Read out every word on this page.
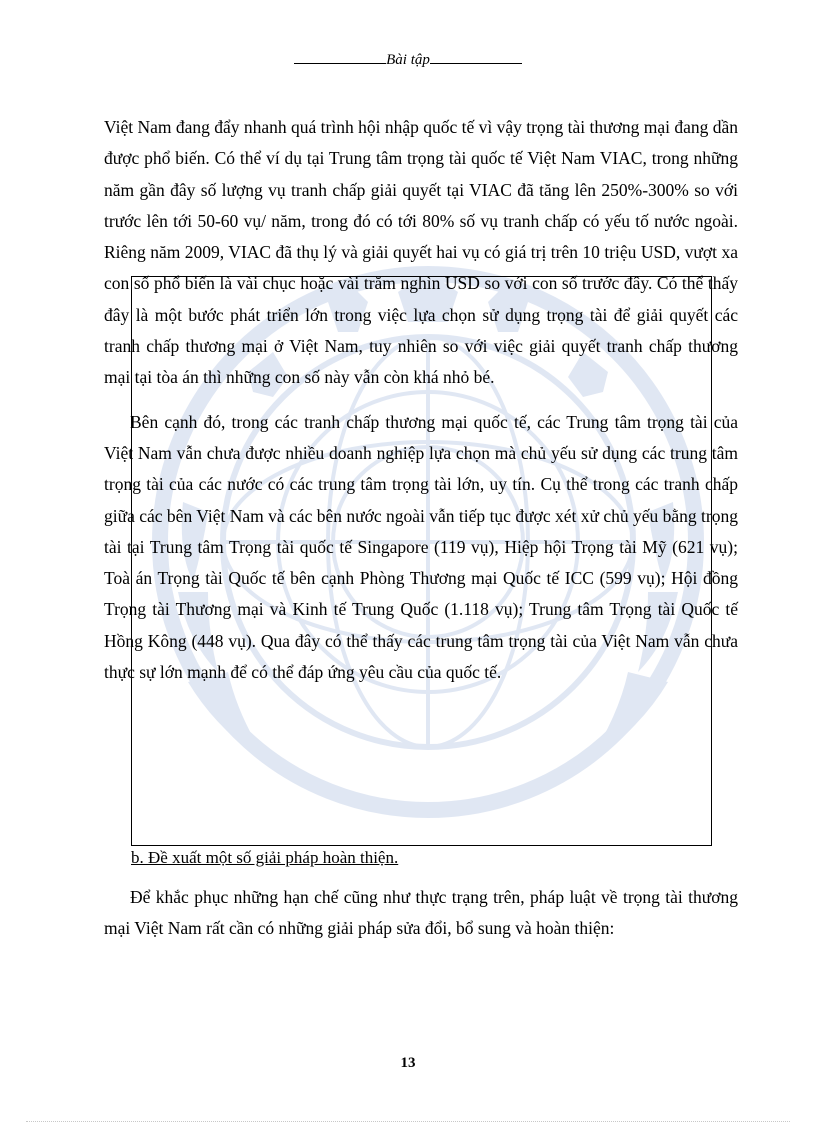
Bài tập

Việt Nam đang đẩy nhanh quá trình hội nhập quốc tế vì vậy trọng tài thương mại đang dần được phổ biến. Có thể ví dụ tại Trung tâm trọng tài quốc tế Việt Nam VIAC, trong những năm gần đây số lượng vụ tranh chấp giải quyết tại VIAC đã tăng lên 250%-300% so với trước lên tới 50-60 vụ/ năm, trong đó có tới 80% số vụ tranh chấp có yếu tố nước ngoài. Riêng năm 2009, VIAC đã thụ lý và giải quyết hai vụ có giá trị trên 10 triệu USD, vượt xa con số phổ biến là vài chục hoặc vài trăm nghìn USD so với con số trước đây. Có thể thấy đây là một bước phát triển lớn trong việc lựa chọn sử dụng trọng tài để giải quyết các tranh chấp thương mại ở Việt Nam, tuy nhiên so với việc giải quyết tranh chấp thương mại tại tòa án thì những con số này vẫn còn khá nhỏ bé.

Bên cạnh đó, trong các tranh chấp thương mại quốc tế, các Trung tâm trọng tài của Việt Nam vẫn chưa được nhiều doanh nghiệp lựa chọn mà chủ yếu sử dụng các trung tâm trọng tài của các nước có các trung tâm trọng tài lớn, uy tín. Cụ thể trong các tranh chấp giữa các bên Việt Nam và các bên nước ngoài vẫn tiếp tục được xét xử chủ yếu bằng trọng tài tại Trung tâm Trọng tài quốc tế Singapore (119 vụ), Hiệp hội Trọng tài Mỹ (621 vụ); Toà án Trọng tài Quốc tế bên cạnh Phòng Thương mại Quốc tế ICC (599 vụ); Hội đồng Trọng tài Thương mại và Kinh tế Trung Quốc (1.118 vụ); Trung tâm Trọng tài Quốc tế Hồng Kông (448 vụ). Qua đây có thể thấy các trung tâm trọng tài của Việt Nam vẫn chưa thực sự lớn mạnh để có thể đáp ứng yêu cầu của quốc tế.

b. Đề xuất một số giải pháp hoàn thiện.

Để khắc phục những hạn chế cũng như thực trạng trên, pháp luật về trọng tài thương mại Việt Nam rất cần có những giải pháp sửa đổi, bổ sung và hoàn thiện:

13
